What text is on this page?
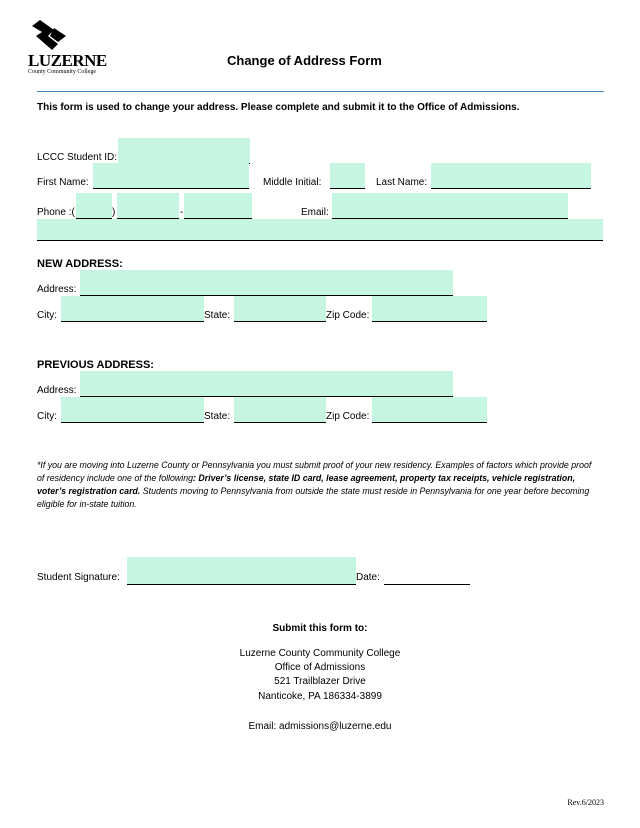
LUZERNE
County Community College
Change of Address Form
This form is used to change your address. Please complete and submit it to the Office of Admissions.
LCCC Student ID:
First Name:	Middle Initial:	Last Name:
Phone :(	)	-	Email:
NEW ADDRESS:
Address:
City:	State:	Zip Code:
PREVIOUS ADDRESS:
Address:
City:	State:	Zip Code:
*If you are moving into Luzerne County or Pennsylvania you must submit proof of your new residency. Examples of factors which provide proof of residency include one of the following: Driver’s license, state ID card, lease agreement, property tax receipts, vehicle registration, voter’s registration card. Students moving to Pennsylvania from outside the state must reside in Pennsylvania for one year before becoming eligible for in-state tuition.
Student Signature:	Date:
Submit this form to:
Luzerne County Community College
Office of Admissions
521 Trailblazer Drive
Nanticoke, PA 186334-3899
Email: admissions@luzerne.edu
Rev.6/2023
